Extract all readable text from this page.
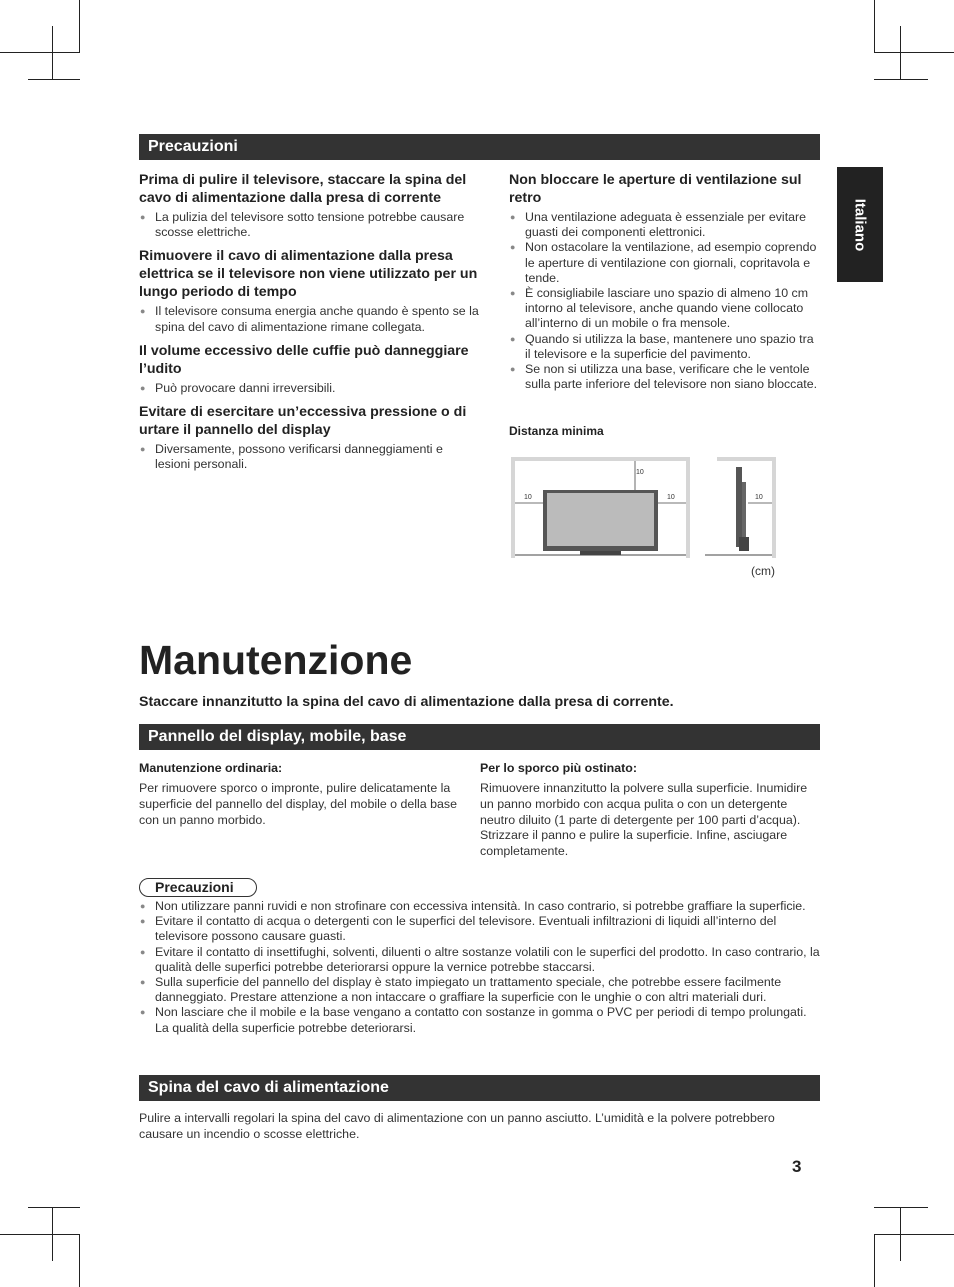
Italiano
Precauzioni
Prima di pulire il televisore, staccare la spina del cavo di alimentazione dalla presa di corrente
● La pulizia del televisore sotto tensione potrebbe causare scosse elettriche.
Rimuovere il cavo di alimentazione dalla presa elettrica se il televisore non viene utilizzato per un lungo periodo di tempo
● Il televisore consuma energia anche quando è spento se la spina del cavo di alimentazione rimane collegata.
Il volume eccessivo delle cuffie può danneggiare l’udito
● Può provocare danni irreversibili.
Evitare di esercitare un’eccessiva pressione o di urtare il pannello del display
● Diversamente, possono verificarsi danneggiamenti e lesioni personali.
Non bloccare le aperture di ventilazione sul retro
● Una ventilazione adeguata è essenziale per evitare guasti dei componenti elettronici.
● Non ostacolare la ventilazione, ad esempio coprendo le aperture di ventilazione con giornali, copritavola e tende.
● È consigliabile lasciare uno spazio di almeno 10 cm intorno al televisore, anche quando viene collocato all’interno di un mobile o fra mensole.
● Quando si utilizza la base, mantenere uno spazio tra il televisore e la superficie del pavimento.
● Se non si utilizza una base, verificare che le ventole sulla parte inferiore del televisore non siano bloccate.
Distanza minima
10
10	10	10
(cm)
Manutenzione
Staccare innanzitutto la spina del cavo di alimentazione dalla presa di corrente.
Pannello del display, mobile, base
Manutenzione ordinaria:
Per rimuovere sporco o impronte, pulire delicatamente la superficie del pannello del display, del mobile o della base con un panno morbido.
Per lo sporco più ostinato:
Rimuovere innanzitutto la polvere sulla superficie. Inumidire un panno morbido con acqua pulita o con un detergente neutro diluito (1 parte di detergente per 100 parti d’acqua). Strizzare il panno e pulire la superficie. Infine, asciugare completamente.
Precauzioni
● Non utilizzare panni ruvidi e non strofinare con eccessiva intensità. In caso contrario, si potrebbe graffiare la superficie.
● Evitare il contatto di acqua o detergenti con le superfici del televisore. Eventuali infiltrazioni di liquidi all’interno del televisore possono causare guasti.
● Evitare il contatto di insettifughi, solventi, diluenti o altre sostanze volatili con le superfici del prodotto. In caso contrario, la qualità delle superfici potrebbe deteriorarsi oppure la vernice potrebbe staccarsi.
● Sulla superficie del pannello del display è stato impiegato un trattamento speciale, che potrebbe essere facilmente danneggiato. Prestare attenzione a non intaccare o graffiare la superficie con le unghie o con altri materiali duri.
● Non lasciare che il mobile e la base vengano a contatto con sostanze in gomma o PVC per periodi di tempo prolungati. La qualità della superficie potrebbe deteriorarsi.
Spina del cavo di alimentazione
Pulire a intervalli regolari la spina del cavo di alimentazione con un panno asciutto. L’umidità e la polvere potrebbero causare un incendio o scosse elettriche.
3
